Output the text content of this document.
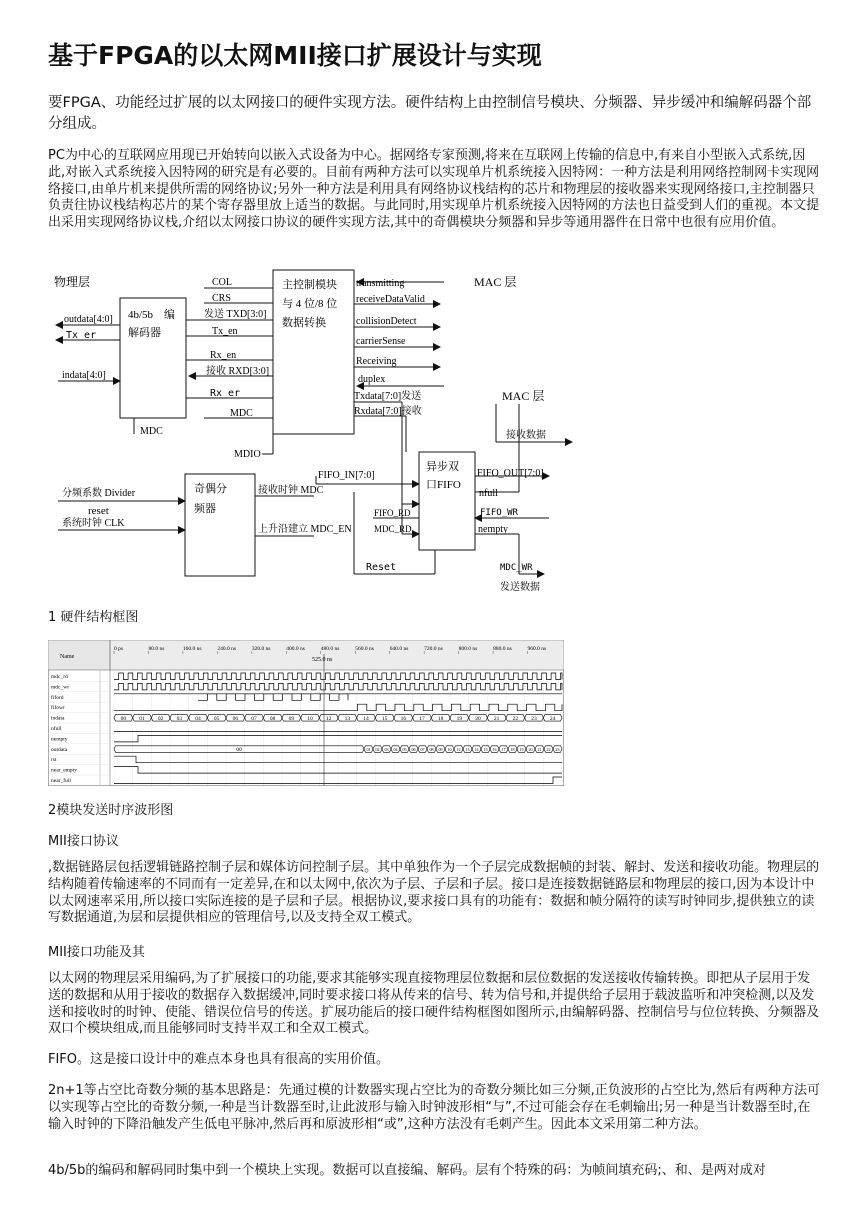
基于FPGA的以太网MII接口扩展设计与实现

要FPGA、功能经过扩展的以太网接口的硬件实现方法。硬件结构上由控制信号模块、分频器、异步缓冲和编解码器个部分组成。

PC为中心的互联网应用现已开始转向以嵌入式设备为中心。据网络专家预测,将来在互联网上传输的信息中,有来自小型嵌入式系统,因此,对嵌入式系统接入因特网的研究是有必要的。目前有两种方法可以实现单片机系统接入因特网：一种方法是利用网络控制网卡实现网络接口,由单片机来提供所需的网络协议;另外一种方法是利用具有网络协议栈结构的芯片和物理层的接收器来实现网络接口,主控制器只负责往协议栈结构芯片的某个寄存器里放上适当的数据。与此同时,用实现单片机系统接入因特网的方法也日益受到人们的重视。本文提出采用实现网络协议栈,介绍以太网接口协议的硬件实现方法,其中的奇偶模块分频器和异步等通用器件在日常中也很有应用价值。

物理层	MAC 层
MAC 层
4b/5b　编
解码器
主控制模块
与 4 位/8 位
数据转换
奇偶分
频器
异步双
口FIFO
outdata[4:0]
Tx_er
indata[4:0]
MDC
COL
CRS
发送 TXD[3:0]
Tx_en
Rx_en
接收 RXD[3:0]
Rx_er
MDC
MDIO
transmitting
receiveDataValid
collisionDetect
carrierSense
Receiving
duplex
Txdata[7:0]发送
Rxdata[7:0]接收
接收数据
FIFO_IN[7:0]	FIFO_OUT[7:0]
nfull
FIFO_WR
nempty
FIFO_RD
MDC_RD
Reset	MDC_WR
发送数据
分频系数 Divider
reset
系统时钟 CLK
接收时钟 MDC
上升沿建立 MDC_EN

1 硬件结构框图

Name
0 ps	80.0 ns	160.0 ns	240.0 ns	320.0 ns	400.0 ns	480.0 ns	560.0 ns	640.0 ns	720.0 ns	800.0 ns	880.0 ns	960.0 ns
mdc_rd
mdc_wr
fiford
fifowr
indata
nfull
nempty
outdata
rst
near_empty
near_full
00 01 02 03 04 05 06 07 08 09 10 12 13 14 15 16 17 18 19 20 21 22 23 24
00	01 02 03 04 05 06 07 08 09 10 12 13 14 15 16 17 18 19 20 21 22 23
525.0 ns

2模块发送时序波形图

MII接口协议

,数据链路层包括逻辑链路控制子层和媒体访问控制子层。其中单独作为一个子层完成数据帧的封装、解封、发送和接收功能。物理层的结构随着传输速率的不同而有一定差异,在和以太网中,依次为子层、子层和子层。接口是连接数据链路层和物理层的接口,因为本设计中以太网速率采用,所以接口实际连接的是子层和子层。根据协议,要求接口具有的功能有：数据和帧分隔符的读写时钟同步,提供独立的读写数据通道,为层和层提供相应的管理信号,以及支持全双工模式。

MII接口功能及其

以太网的物理层采用编码,为了扩展接口的功能,要求其能够实现直接物理层位数据和层位数据的发送接收传输转换。即把从子层用于发送的数据和从用于接收的数据存入数据缓冲,同时要求接口将从传来的信号、转为信号和,并提供给子层用于载波监听和冲突检测,以及发送和接收时的时钟、使能、错误位信号的传送。扩展功能后的接口硬件结构框图如图所示,由编解码器、控制信号与位位转换、分频器及双口个模块组成,而且能够同时支持半双工和全双工模式。

FIFO。这是接口设计中的难点本身也具有很高的实用价值。

2n+1等占空比奇数分频的基本思路是：先通过模的计数器实现占空比为的奇数分频比如三分频,正负波形的占空比为,然后有两种方法可以实现等占空比的奇数分频,一种是当计数器至时,让此波形与输入时钟波形相“与”,不过可能会存在毛刺输出;另一种是当计数器至时,在输入时钟的下降沿触发产生低电平脉冲,然后再和原波形相“或”,这种方法没有毛刺产生。因此本文采用第二种方法。

4b/5b的编码和解码同时集中到一个模块上实现。数据可以直接编、解码。层有个特殊的码：为帧间填充码;、和、是两对成对
